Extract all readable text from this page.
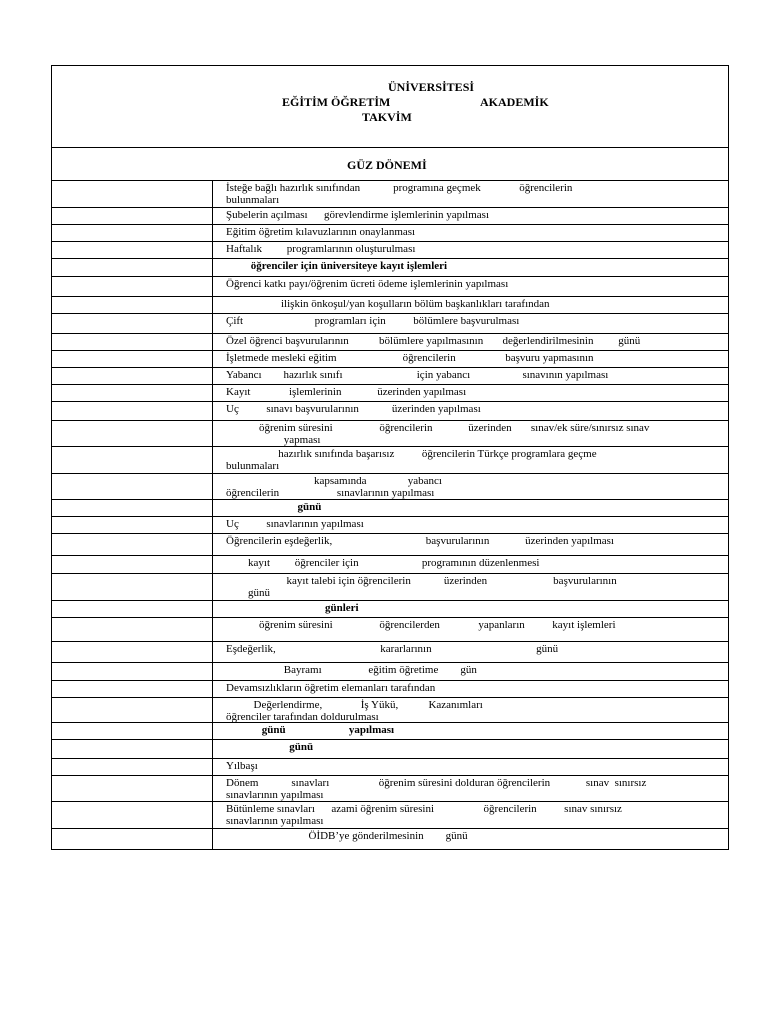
ÜNİVERSİTESİ
EĞİTİM ÖĞRETİM	AKADEMİK
TAKVİM
GÜZ DÖNEMİ
İsteğe bağlı hazırlık sınıfından            programına geçmek              öğrencilerin
bulunmaları
Şubelerin açılması      görevlendirme işlemlerinin yapılması
Eğitim öğretim kılavuzlarının onaylanması
Haftalık         programlarının oluşturulması
öğrenciler için üniversiteye kayıt işlemleri
Öğrenci katkı payı/öğrenim ücreti ödeme işlemlerinin yapılması
ilişkin önkoşul/yan koşulların bölüm başkanlıkları tarafından
Çift                          programları için          bölümlere başvurulması
Özel öğrenci başvurularının           bölümlere yapılmasının       değerlendirilmesinin         günü
İşletmede mesleki eğitim                        öğrencilerin                  başvuru yapmasının
Yabancı        hazırlık sınıfı                           için yabancı                   sınavının yapılması
Kayıt              işlemlerinin             üzerinden yapılması
Uç          sınavı başvurularının            üzerinden yapılması
öğrenim süresini                 öğrencilerin             üzerinden       sınav/ek süre/sınırsız sınav
yapması
hazırlık sınıfında başarısız          öğrencilerin Türkçe programlara geçme
bulunmaları
kapsamında               yabancı
öğrencilerin                     sınavlarının yapılması
günü
Uç          sınavlarının yapılması
Öğrencilerin eşdeğerlik,                                  başvurularının             üzerinden yapılması
kayıt         öğrenciler için                       programının düzenlenmesi
kayıt talebi için öğrencilerin            üzerinden                        başvurularının
günü
günleri
öğrenim süresini                 öğrencilerden              yapanların          kayıt işlemleri
Eşdeğerlik,                                      kararlarının                                      günü
Bayramı                 eğitim öğretime        gün
Devamsızlıkların öğretim elemanları tarafından
Değerlendirme,              İş Yükü,           Kazanımları
öğrenciler tarafından doldurulması
günü                       yapılması
günü
Yılbaşı
Dönem            sınavları                  öğrenim süresini dolduran öğrencilerin             sınav  sınırsız
sınavlarının yapılması
Bütünleme sınavları      azami öğrenim süresini                  öğrencilerin          sınav sınırsız
sınavlarının yapılması
ÖİDB’ye gönderilmesinin        günü
